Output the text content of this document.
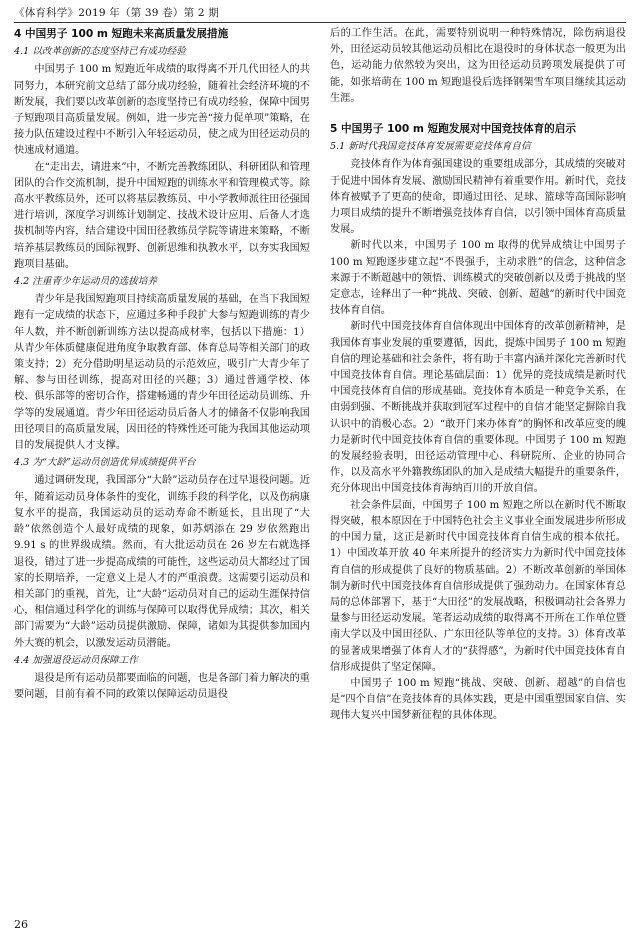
《体育科学》2019 年（第 39 卷）第 2 期
4 中国男子 100 m 短跑未来高质量发展措施
4.1 以改革创新的态度坚持已有成功经验

中国男子 100 m 短跑近年成绩的取得离不开几代田径人的共同努力，本研究前文总结了部分成功经验，随着社会经济环境的不断发展，我们要以改革创新的态度坚持已有成功经验，保障中国男子短跑项目高质量发展。例如，进一步完善“接力促单项”策略，在接力队伍建设过程中不断引入年轻运动员，使之成为田径运动员的快速成材通道。

在“走出去，请进来”中，不断完善教练团队、科研团队和管理团队的合作交流机制，提升中国短跑的训练水平和管理模式等。除高水平教练员外，还可以将基层教练员、中小学教师派往田径强国进行培训，深度学习训练计划制定、技战术设计应用、后备人才选拔机制等内容，结合建设中国田径教练员学院等请进来策略，不断培养基层教练员的国际视野、创新思维和执教水平，以夯实我国短跑项目基础。

4.2 注重青少年运动员的选拔培养

青少年是我国短跑项目持续高质量发展的基础，在当下我国短跑有一定成绩的状态下，应通过多种手段扩大参与短跑训练的青少年人数，并不断创新训练方法以提高成材率，包括以下措施：1）从青少年体质健康促进角度争取教育部、体育总局等相关部门的政策支持；2）充分借助明星运动员的示范效应，吸引广大青少年了解、参与田径训练，提高对田径的兴趣；3）通过普通学校、体校、俱乐部等的密切合作，搭建畅通的青少年田径运动员训练、升学等的发展通道。青少年田径运动员后备人才的储备不仅影响我国田径项目的高质量发展，因田径的特殊性还可能为我国其他运动项目的发展提供人才支撑。

4.3 为“大龄”运动员创造优异成绩提供平台

通过调研发现，我国部分“大龄”运动员存在过早退役问题。近年，随着运动员身体条件的变化，训练手段的科学化，以及伤病康复水平的提高，我国运动员的运动寿命不断延长，且出现了“大龄”依然创造个人最好成绩的现象，如苏炳添在 29 岁依然跑出 9.91 s 的世界级成绩。然而，有大批运动员在 26 岁左右就选择退役，错过了进一步提高成绩的可能性，这些运动员大都经过了国家的长期培养，一定意义上是人才的严重浪费。这需要引运动员和相关部门的重视，首先，让“大龄”运动员对自己的运动生涯保持信心，相信通过科学化的训练与保障可以取得优异成绩；其次，相关部门需要为“大龄”运动员提供激励、保障，诸如为其提供参加国内外大赛的机会，以激发运动员潜能。

4.4 加强退役运动员保障工作

退役是所有运动员都要面临的问题，也是各部门着力解决的重要问题，目前有着不同的政策以保障运动员退役

后的工作生活。在此，需要特别说明一种特殊情况，除伤病退役外，田径运动员较其他运动员相比在退役时的身体状态一般更为出色，运动能力依然较为突出，这为田径运动员跨项发展提供了可能，如张培萌在 100 m 短跑退役后选择钢架雪车项目继续其运动生涯。

5 中国男子 100 m 短跑发展对中国竞技体育的启示
5.1 新时代我国竞技体育发展需要竞技体育自信

竞技体育作为体育强国建设的重要组成部分，其成绩的突破对于促进中国体育发展、激励国民精神有着重要作用。新时代，竞技体育被赋予了更高的使命，即通过田径、足球、篮球等高国际影响力项目成绩的提升不断增强竞技体育自信，以引领中国体育高质量发展。

新时代以来，中国男子 100 m 取得的优异成绩让中国男子 100 m 短跑逐步建立起“不畏强手，主动求胜”的信念，这种信念来源于不断超越中的领悟、训练模式的突破创新以及勇于挑战的坚定意志，诠释出了一种“挑战、突破、创新、超越”的新时代中国竞技体育自信。

新时代中国竞技体育自信体现出中国体育的改革创新精神，是我国体育事业发展的重要遵循，因此，提炼中国男子 100 m 短跑自信的理论基础和社会条件，将有助于丰富内涵并深化完善新时代中国竞技体育自信。理论基础层面：1）优异的竞技成绩是新时代中国竞技体育自信的形成基础。竞技体育本质是一种竞争关系，在由弱到强、不断挑战并获取到冠军过程中的自信才能坚定摒除自我认识中的消极心态。2）“敢开门来办体育”的胸怀和改革应变的魄力是新时代中国竞技体育自信的重要体现。中国男子 100 m 短跑的发展经验表明，田径运动管理中心、科研院所、企业的协同合作，以及高水平外籍教练团队的加入是成绩大幅提升的重要条件，充分体现出中国竞技体育海纳百川的开放自信。

社会条件层面，中国男子 100 m 短跑之所以在新时代不断取得突破，根本原因在于中国特色社会主义事业全面发展进步所形成的中国力量，这正是新时代中国竞技体育自信生成的根本依托。1）中国改革开放 40 年来所提升的经济实力为新时代中国竞技体育自信的形成提供了良好的物质基础。2）不断改革创新的举国体制为新时代中国竞技体育自信形成提供了强劲动力。在国家体育总局的总体部署下，基于“大田径”的发展战略，积极调动社会各界力量参与田径运动发展。笔者运动成绩的取得离不开所在工作单位暨南大学以及中国田径队、广东田径队等单位的支持。3）体育改革的显著成果增强了体育人才的“获得感”，为新时代中国竞技体育自信形成提供了坚定保障。

中国男子 100 m 短跑“挑战、突破、创新、超越”的自信也是“四个自信”在竞技体育的具体实践，更是中国重塑国家自信、实现伟大复兴中国梦新征程的具体体现。

26
